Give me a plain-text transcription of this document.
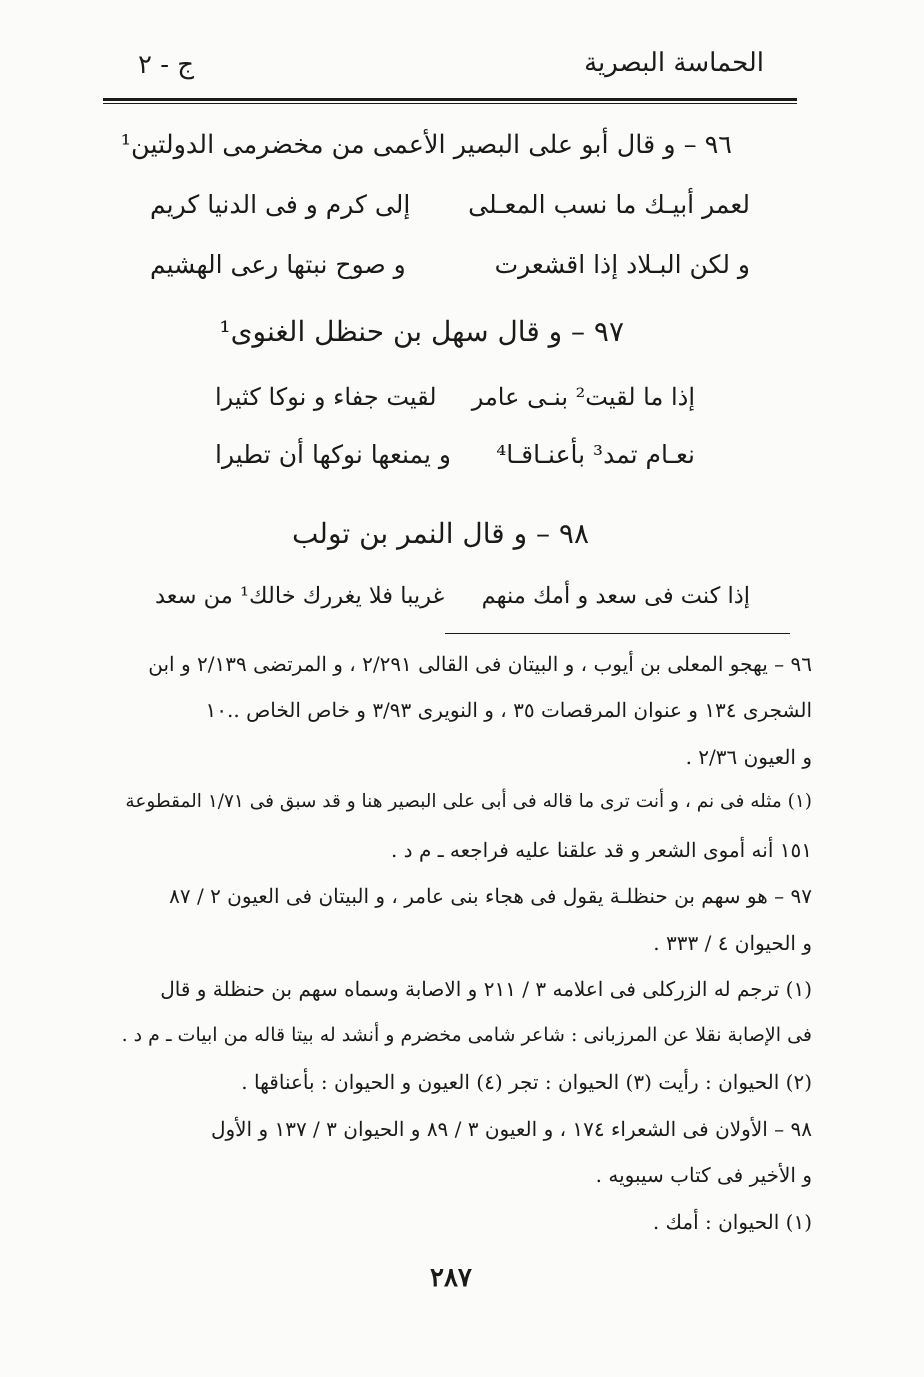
الحماسة البصرية
ج - ٢
٩٦ – و قال أبو على البصير الأعمى من مخضرمى الدولتين¹
لعمر أبيـك ما نسب المعـلى
إلى كرم و فى الدنيا كريم
و لكن البـلاد إذا اقشعرت
و صوح نبتها رعى الهشيم
٩٧ – و قال سهل بن حنظل الغنوى¹
إذا ما لقيت² بنـى عامر
لقيت جفاء و نوكا كثيرا
نعـام تمد³ بأعنـاقـا⁴
و يمنعها نوكها أن تطيرا
٩٨ – و قال النمر بن تولب
إذا كنت فى سعد و أمك منهم
غريبا فلا يغررك خالك¹ من سعد
٩٦ – يهجو المعلى بن أيوب ، و البيتان فى القالى ٢/٢٩١ ، و المرتضى ٢/١٣٩ و ابن
الشجرى ١٣٤ و عنوان المرقصات ٣٥ ، و النويرى ٣/٩٣ و خاص الخاص ..١٠
و العيون ٢/٣٦ .
(١) مثله فى نم ، و أنت ترى ما قاله فى أبى على البصير هنا و قد سبق فى ١/٧١ المقطوعة
١٥١ أنه أموى الشعر و قد علقنا عليه فراجعه ـ م د .
٩٧ – هو سهم بن حنظلـة يقول فى هجاء بنى عامر ، و البيتان فى العيون ٢ / ٨٧
و الحيوان ٤ / ٣٣٣ .
(١) ترجم له الزركلى فى اعلامه ٣ / ٢١١ و الاصابة وسماه سهم بن حنظلة و قال
فى الإصابة نقلا عن المرزبانى : شاعر شامى مخضرم و أنشد له بيتا قاله من ابيات ـ م د .
(٢) الحيوان : رأيت (٣) الحيوان : تجر (٤) العيون و الحيوان : بأعناقها .
٩٨ – الأولان فى الشعراء ١٧٤ ، و العيون ٣ / ٨٩ و الحيوان ٣ / ١٣٧ و الأول
و الأخير فى كتاب سيبويه .
(١) الحيوان : أمك .
٢٨٧
